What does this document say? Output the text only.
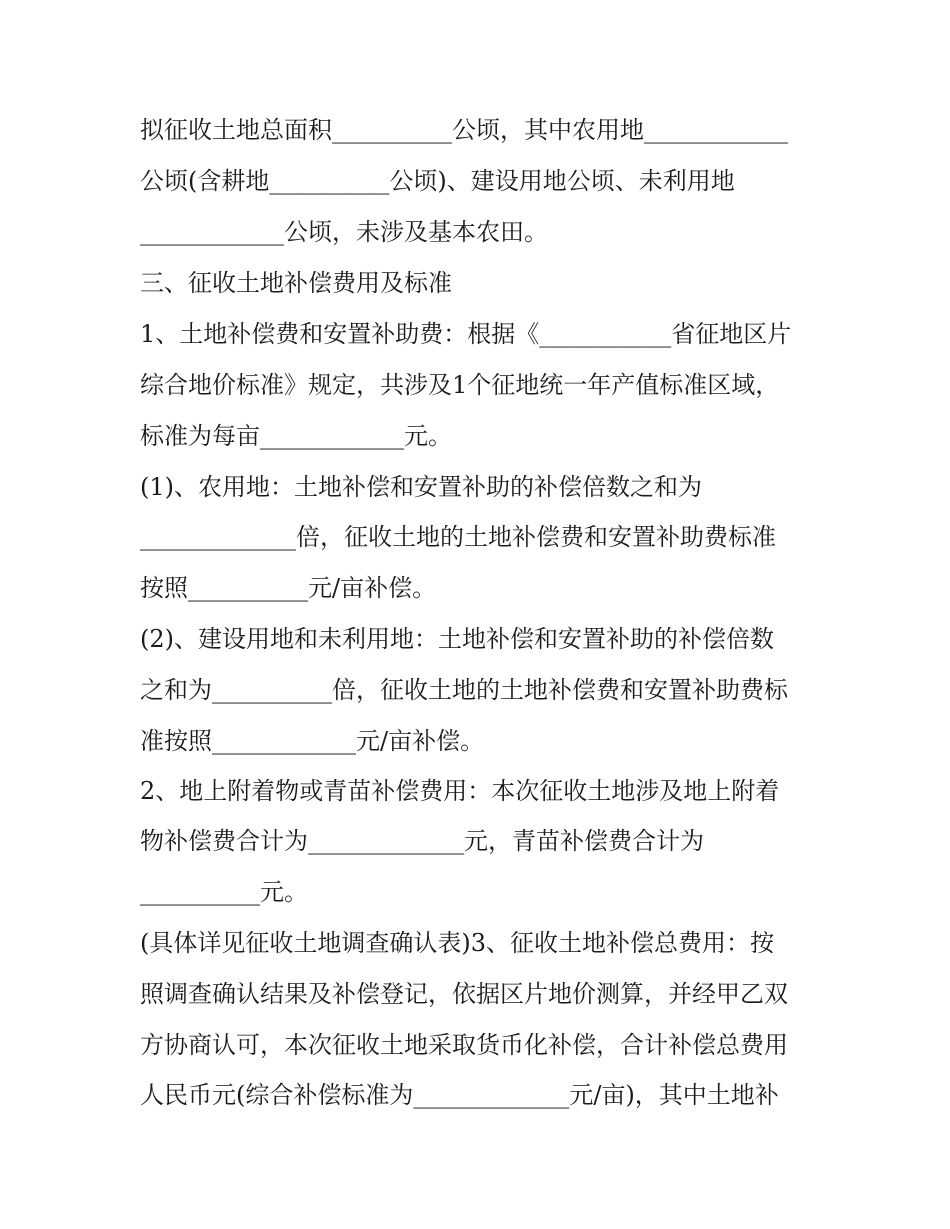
拟征收土地总面积__________公顷，其中农用地____________
公顷(含耕地__________公顷)、建设用地公顷、未利用地
____________公顷，未涉及基本农田。
三、征收土地补偿费用及标准
1、土地补偿费和安置补助费：根据《___________省征地区片
综合地价标准》规定，共涉及1个征地统一年产值标准区域，
标准为每亩____________元。
(1)、农用地：土地补偿和安置补助的补偿倍数之和为
_____________倍，征收土地的土地补偿费和安置补助费标准
按照__________元/亩补偿。
(2)、建设用地和未利用地：土地补偿和安置补助的补偿倍数
之和为__________倍，征收土地的土地补偿费和安置补助费标
准按照____________元/亩补偿。
2、地上附着物或青苗补偿费用：本次征收土地涉及地上附着
物补偿费合计为_____________元，青苗补偿费合计为
__________元。
(具体详见征收土地调查确认表)3、征收土地补偿总费用：按
照调查确认结果及补偿登记，依据区片地价测算，并经甲乙双
方协商认可，本次征收土地采取货币化补偿，合计补偿总费用
人民币元(综合补偿标准为_____________元/亩)，其中土地补
